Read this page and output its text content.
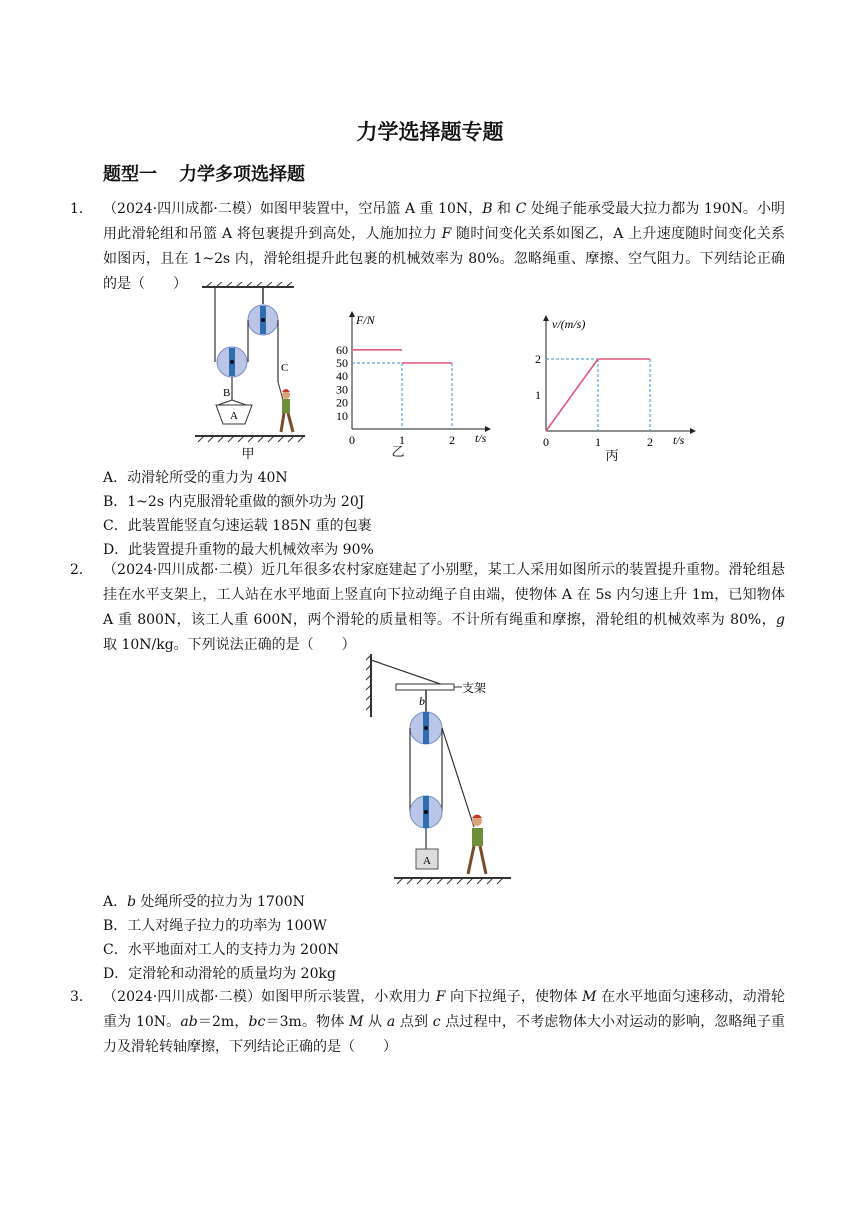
力学选择题专题
题型一 力学多项选择题
1． （2024·四川成都·二模）如图甲装置中，空吊篮 A 重 10N，B 和 C 处绳子能承受最大拉力都为 190N。小明用此滑轮组和吊篮 A 将包裹提升到高处，人施加拉力 F 随时间变化关系如图乙，A 上升速度随时间变化关系如图丙，且在 1~2s 内，滑轮组提升此包裹的机械效率为 80%。忽略绳重、摩擦、空气阻力。下列结论正确的是（　　）
A
B
C
甲
F/N
t/s
0	1	2
10
20
30
40
50
60
乙
v/(m/s)
t/s
0	1	2
1
2
丙
A．动滑轮所受的重力为 40N
B．1~2s 内克服滑轮重做的额外功为 20J
C．此装置能竖直匀速运载 185N 重的包裹
D．此装置提升重物的最大机械效率为 90%
2． （2024·四川成都·二模）近几年很多农村家庭建起了小别墅，某工人采用如图所示的装置提升重物。滑轮组悬挂在水平支架上，工人站在水平地面上竖直向下拉动绳子自由端，使物体 A 在 5s 内匀速上升 1m，已知物体 A 重 800N，该工人重 600N，两个滑轮的质量相等。不计所有绳重和摩擦，滑轮组的机械效率为 80%，g 取 10N/kg。下列说法正确的是（　　）
支架
b
A
A．b 处绳所受的拉力为 1700N
B．工人对绳子拉力的功率为 100W
C．水平地面对工人的支持力为 200N
D．定滑轮和动滑轮的质量均为 20kg
3． （2024·四川成都·二模）如图甲所示装置，小欢用力 F 向下拉绳子，使物体 M 在水平地面匀速移动，动滑轮重为 10N。ab＝2m，bc＝3m。物体 M 从 a 点到 c 点过程中，不考虑物体大小对运动的影响，忽略绳子重力及滑轮转轴摩擦，下列结论正确的是（　　）
